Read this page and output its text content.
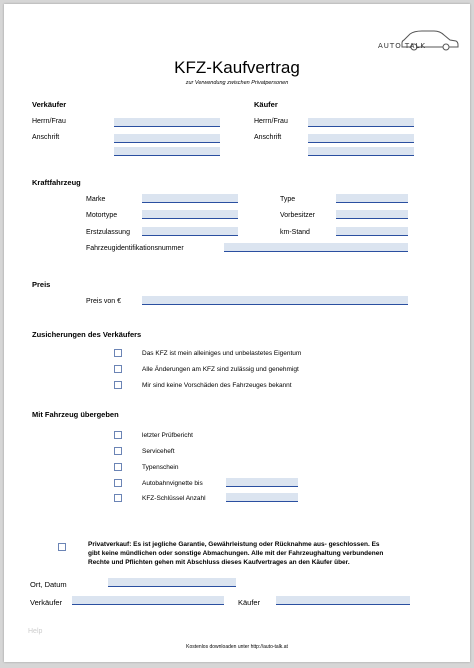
AUTO TALK
KFZ-Kaufvertrag
zur Verwendung zwischen Privatpersonen
Verkäufer	Käufer
Herrn/Frau	Herrn/Frau
Anschrift	Anschrift
Kraftfahrzeug
Marke	Type
Motortype	Vorbesitzer
Erstzulassung	km-Stand
Fahrzeugidentifikationsnummer
Preis
Preis von €
Zusicherungen des Verkäufers
Das KFZ ist mein alleiniges und unbelastetes Eigentum
Alle Änderungen am KFZ sind zulässig und genehmigt
Mir sind keine Vorschäden des Fahrzeuges bekannt
Mit Fahrzeug übergeben
letzter Prüfbericht
Serviceheft
Typenschein
Autobahnvignette bis
KFZ-Schlüssel Anzahl
Privatverkauf: Es ist jegliche Garantie, Gewährleistung oder Rücknahme aus- geschlossen. Es
gibt keine mündlichen oder sonstige Abmachungen. Alle mit der Fahrzeughaltung verbundenen
Rechte und Pflichten gehen mit Abschluss dieses Kaufvertrages an den Käufer über.
Ort, Datum
Verkäufer	Käufer
Help
Kostenlos downloaden unter http://auto-talk.at
